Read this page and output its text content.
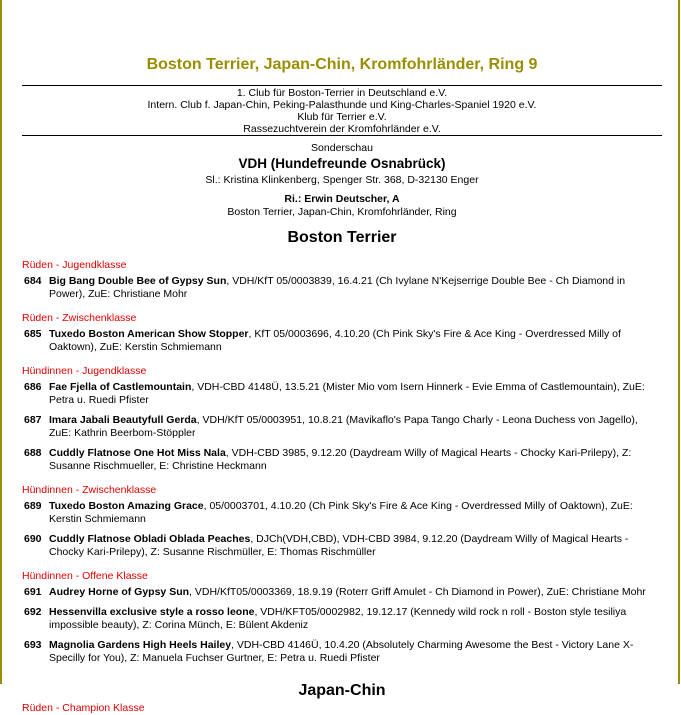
Boston Terrier, Japan-Chin, Kromfohrländer, Ring 9
1. Club für Boston-Terrier in Deutschland e.V.
Intern. Club f. Japan-Chin, Peking-Palasthunde und King-Charles-Spaniel 1920 e.V.
Klub für Terrier e.V.
Rassezuchtverein der Kromfohrländer e.V.
Sonderschau
VDH (Hundefreunde Osnabrück)
Sl.: Kristina Klinkenberg, Spenger Str. 368, D-32130 Enger
Ri.: Erwin Deutscher, A
Boston Terrier, Japan-Chin, Kromfohrländer, Ring
Boston Terrier
Rüden - Jugendklasse
684 Big Bang Double Bee of Gypsy Sun, VDH/KfT 05/0003839, 16.4.21 (Ch Ivylane N'Kejserrige Double Bee - Ch Diamond in Power), ZuE: Christiane Mohr
Rüden - Zwischenklasse
685 Tuxedo Boston American Show Stopper, KfT 05/0003696, 4.10.20 (Ch Pink Sky's Fire & Ace King - Overdressed Milly of Oaktown), ZuE: Kerstin Schmiemann
Hündinnen - Jugendklasse
686 Fae Fjella of Castlemountain, VDH-CBD 4148Ü, 13.5.21 (Mister Mio vom Isern Hinnerk - Evie Emma of Castlemountain), ZuE: Petra u. Ruedi Pfister
687 Imara Jabali Beautyfull Gerda, VDH/KfT 05/0003951, 10.8.21 (Mavikaflo's Papa Tango Charly - Leona Duchess von Jagello), ZuE: Kathrin Beerbom-Stöppler
688 Cuddly Flatnose One Hot Miss Nala, VDH-CBD 3985, 9.12.20 (Daydream Willy of Magical Hearts - Chocky Kari-Prilepy), Z: Susanne Rischmueller, E: Christine Heckmann
Hündinnen - Zwischenklasse
689 Tuxedo Boston Amazing Grace, 05/0003701, 4.10.20 (Ch Pink Sky's Fire & Ace King - Overdressed Milly of Oaktown), ZuE: Kerstin Schmiemann
690 Cuddly Flatnose Obladi Oblada Peaches, DJCh(VDH,CBD), VDH-CBD 3984, 9.12.20 (Daydream Willy of Magical Hearts - Chocky Kari-Prilepy), Z: Susanne Rischmüller, E: Thomas Rischmüller
Hündinnen - Offene Klasse
691 Audrey Horne of Gypsy Sun, VDH/KfT05/0003369, 18.9.19 (Roterr Griff Amulet - Ch Diamond in Power), ZuE: Christiane Mohr
692 Hessenvilla exclusive style a rosso leone, VDH/KFT05/0002982, 19.12.17 (Kennedy wild rock n roll - Boston style tesiliya impossible beauty), Z: Corina Münch, E: Bülent Akdeniz
693 Magnolia Gardens High Heels Hailey, VDH-CBD 4146Ü, 10.4.20 (Absolutely Charming Awesome the Best - Victory Lane X-Specilly for You), Z: Manuela Fuchser Gurtner, E: Petra u. Ruedi Pfister
Japan-Chin
Rüden - Champion Klasse
